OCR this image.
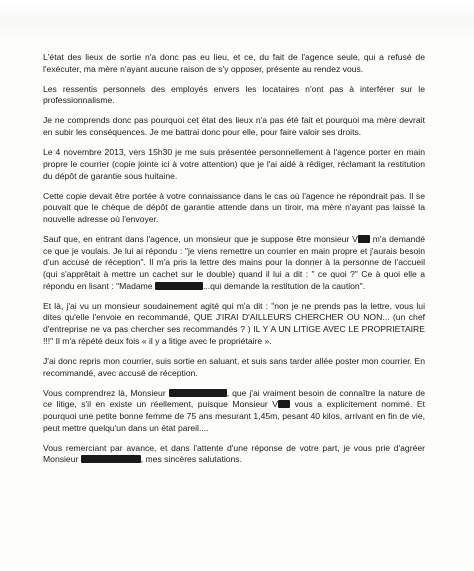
L'état des lieux de sortie n'a donc pas eu lieu, et ce, du fait de l'agence seule, qui a refusé de l'exécuter, ma mère n'ayant aucune raison de s'y opposer, présente au rendez vous.

Les ressentis personnels des employés envers les locataires n'ont pas à interférer sur le professionnalisme.

Je ne comprends donc pas pourquoi cet état des lieux n'a pas été fait et pourquoi ma mère devrait en subir les conséquences. Je me battrai donc pour elle, pour faire valoir ses droits.

Le 4 novembre 2013, vers 15h30 je me suis présentée personnellement à l'agence porter en main propre le courrier (copie jointe ici à votre attention) que je l'ai aidé à rédiger, réclamant la restitution du dépôt de garantie sous huitaine.

Cette copie devait être portée à votre connaissance dans le cas où l'agence ne répondrait pas. Il se pouvait que le chèque de dépôt de garantie attende dans un tiroir, ma mère n'ayant pas laissé la nouvelle adresse où l'envoyer.

Sauf que, en entrant dans l'agence, un monsieur que je suppose être monsieur V m'a demandé ce que je voulais. Je lui ai répondu : "je viens remettre un courrier en main propre et j'aurais besoin d'un accusé de réception". Il m'a pris la lettre des mains pour la donner à la personne de l'accueil (qui s'apprêtait à mettre un cachet sur le double) quand il lui a dit : " ce quoi ?" Ce à quoi elle a répondu en lisant : "Madame	...qui demande la restitution de la caution".

Et là, j'ai vu un monsieur soudainement agité qui m'a dit : "non je ne prends pas la lettre, vous lui dites qu'elle l'envoie en recommandé, QUE J'IRAI D'AILLEURS CHERCHER OU NON... (un chef d'entreprise ne va pas chercher ses recommandés ? ) IL Y A UN LITIGE AVEC LE PROPRIETAIRE !!!" Il m'a répété deux fois « il y a litige avec le propriétaire ».

J'ai donc repris mon courrier, suis sortie en saluant, et suis sans tarder allée poster mon courrier. En recommandé, avec accusé de réception.

Vous comprendrez là, Monsieur	, que j'ai vraiment besoin de connaître la nature de ce litige, s'il en existe un réellement, puisque Monsieur V vous a explicitement nommé. Et pourquoi une petite bonne femme de 75 ans mesurant 1,45m, pesant 40 kilos, arrivant en fin de vie, peut mettre quelqu'un dans un état pareil....

Vous remerciant par avance, et dans l'attente d'une réponse de votre part, je vous prie d'agréer Monsieur	, mes sincères salutations.
